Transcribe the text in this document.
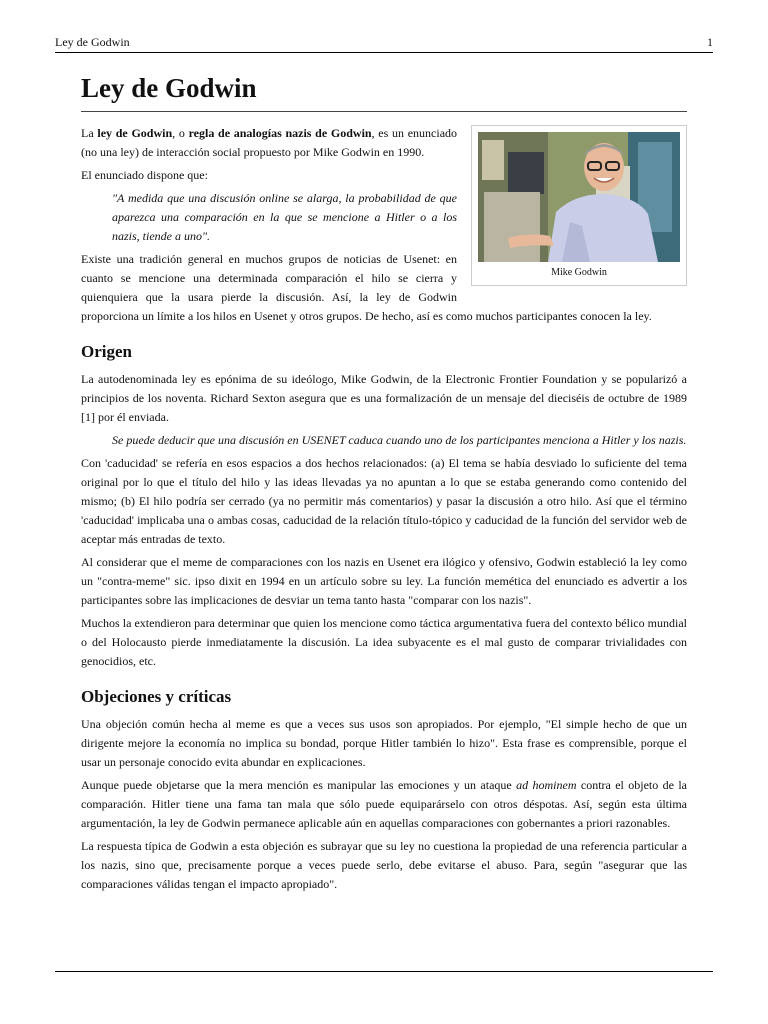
Ley de Godwin	1
Ley de Godwin
Mike Godwin

La ley de Godwin, o regla de analogías nazis de Godwin, es un enunciado (no una ley) de interacción social propuesto por Mike Godwin en 1990.

El enunciado dispone que:

"A medida que una discusión online se alarga, la probabilidad de que aparezca una comparación en la que se mencione a Hitler o a los nazis, tiende a uno".

Existe una tradición general en muchos grupos de noticias de Usenet: en cuanto se mencione una determinada comparación el hilo se cierra y quienquiera que la usara pierde la discusión. Así, la ley de Godwin proporciona un límite a los hilos en Usenet y otros grupos. De hecho, así es como muchos participantes conocen la ley.

Origen

La autodenominada ley es epónima de su ideólogo, Mike Godwin, de la Electronic Frontier Foundation y se popularizó a principios de los noventa. Richard Sexton asegura que es una formalización de un mensaje del dieciséis de octubre de 1989 [1] por él enviada.

Se puede deducir que una discusión en USENET caduca cuando uno de los participantes menciona a Hitler y los nazis.

Con 'caducidad' se refería en esos espacios a dos hechos relacionados: (a) El tema se había desviado lo suficiente del tema original por lo que el título del hilo y las ideas llevadas ya no apuntan a lo que se estaba generando como contenido del mismo; (b) El hilo podría ser cerrado (ya no permitir más comentarios) y pasar la discusión a otro hilo. Así que el término 'caducidad' implicaba una o ambas cosas, caducidad de la relación título-tópico y caducidad de la función del servidor web de aceptar más entradas de texto.

Al considerar que el meme de comparaciones con los nazis en Usenet era ilógico y ofensivo, Godwin estableció la ley como un "contra-meme" sic. ipso dixit en 1994 en un artículo sobre su ley. La función memética del enunciado es advertir a los participantes sobre las implicaciones de desviar un tema tanto hasta "comparar con los nazis".

Muchos la extendieron para determinar que quien los mencione como táctica argumentativa fuera del contexto bélico mundial o del Holocausto pierde inmediatamente la discusión. La idea subyacente es el mal gusto de comparar trivialidades con genocidios, etc.

Objeciones y críticas

Una objeción común hecha al meme es que a veces sus usos son apropiados. Por ejemplo, "El simple hecho de que un dirigente mejore la economía no implica su bondad, porque Hitler también lo hizo". Esta frase es comprensible, porque el usar un personaje conocido evita abundar en explicaciones.

Aunque puede objetarse que la mera mención es manipular las emociones y un ataque ad hominem contra el objeto de la comparación. Hitler tiene una fama tan mala que sólo puede equiparárselo con otros déspotas. Así, según esta última argumentación, la ley de Godwin permanece aplicable aún en aquellas comparaciones con gobernantes a priori razonables.

La respuesta típica de Godwin a esta objeción es subrayar que su ley no cuestiona la propiedad de una referencia particular a los nazis, sino que, precisamente porque a veces puede serlo, debe evitarse el abuso. Para, según "asegurar que las comparaciones válidas tengan el impacto apropiado".
